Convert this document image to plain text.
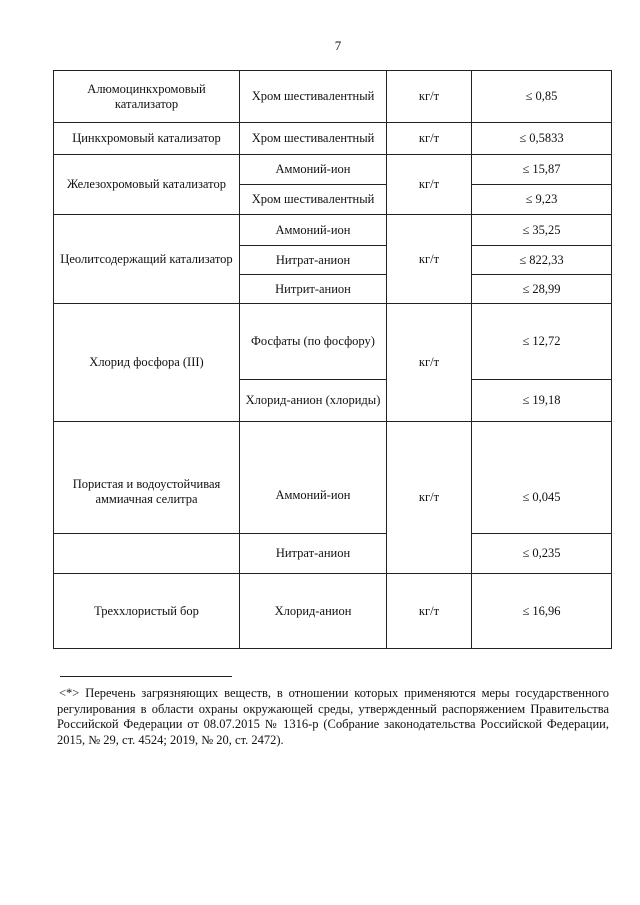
7
Алюмоцинкхромовый катализатор	Хром шестивалентный	кг/т	≤ 0,85
Цинкхромовый катализатор	Хром шестивалентный	кг/т	≤ 0,5833
Железохромовый катализатор	Аммоний-ион	кг/т	≤ 15,87
	Хром шестивалентный		≤ 9,23
Цеолитсодержащий катализатор	Аммоний-ион	кг/т	≤ 35,25
	Нитрат-анион		≤ 822,33
	Нитрит-анион		≤ 28,99
Хлорид фосфора (III)	Фосфаты (по фосфору)	кг/т	≤ 12,72
	Хлорид-анион (хлориды)		≤ 19,18
Пористая и водоустойчивая аммиачная селитра	Аммоний-ион	кг/т	≤ 0,045
	Нитрат-анион		≤ 0,235
Треххлористый бор	Хлорид-анион	кг/т	≤ 16,96
<*> Перечень загрязняющих веществ, в отношении которых применяются меры государственного регулирования в области охраны окружающей среды, утвержденный распоряжением Правительства Российской Федерации от 08.07.2015 № 1316-р (Собрание законодательства Российской Федерации, 2015, № 29, ст. 4524; 2019, № 20, ст. 2472).
